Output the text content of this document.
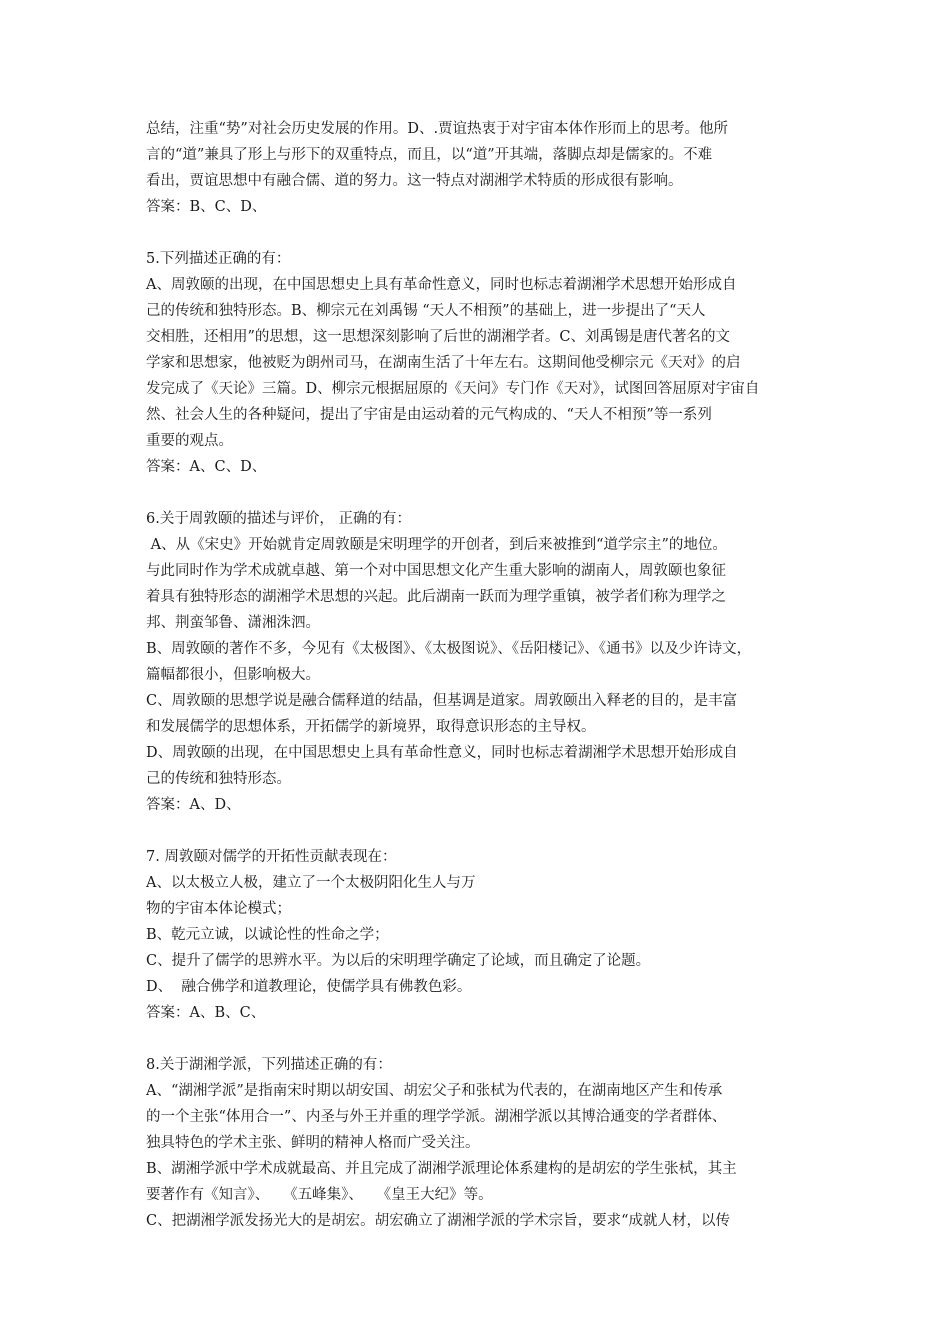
总结，注重“势”对社会历史发展的作用。D、.贾谊热衷于对宇宙本体作形而上的思考。他所
言的“道”兼具了形上与形下的双重特点，而且，以“道”开其端，落脚点却是儒家的。不难
看出，贾谊思想中有融合儒、道的努力。这一特点对湖湘学术特质的形成很有影响。
答案：B、C、D、
5.下列描述正确的有：
A、周敦颐的出现，在中国思想史上具有革命性意义，同时也标志着湖湘学术思想开始形成自
己的传统和独特形态。B、柳宗元在刘禹锡 “天人不相预”的基础上，进一步提出了“天人
交相胜，还相用”的思想，这一思想深刻影响了后世的湖湘学者。C、刘禹锡是唐代著名的文
学家和思想家，他被贬为朗州司马，在湖南生活了十年左右。这期间他受柳宗元《天对》的启
发完成了《天论》三篇。D、柳宗元根据屈原的《天问》专门作《天对》，试图回答屈原对宇宙自
然、社会人生的各种疑问，提出了宇宙是由运动着的元气构成的、“天人不相预”等一系列
重要的观点。
答案：A、C、D、
6.关于周敦颐的描述与评价， 正确的有：
A、从《宋史》开始就肯定周敦颐是宋明理学的开创者，到后来被推到“道学宗主”的地位。
与此同时作为学术成就卓越、第一个对中国思想文化产生重大影响的湖南人，周敦颐也象征
着具有独特形态的湖湘学术思想的兴起。此后湖南一跃而为理学重镇，被学者们称为理学之
邦、荆蛮邹鲁、潇湘洙泗。
B、周敦颐的著作不多，今见有《太极图》、《太极图说》、《岳阳楼记》、《通书》以及少许诗文，
篇幅都很小，但影响极大。
C、周敦颐的思想学说是融合儒释道的结晶，但基调是道家。周敦颐出入释老的目的，是丰富
和发展儒学的思想体系，开拓儒学的新境界，取得意识形态的主导权。
D、周敦颐的出现，在中国思想史上具有革命性意义，同时也标志着湖湘学术思想开始形成自
己的传统和独特形态。
答案：A、D、
7. 周敦颐对儒学的开拓性贡献表现在：
A、以太极立人极，建立了一个太极阴阳化生人与万
物的宇宙本体论模式；
B、乾元立诚，以诚论性的性命之学；
C、提升了儒学的思辨水平。为以后的宋明理学确定了论域，而且确定了论题。
D、  融合佛学和道教理论，使儒学具有佛教色彩。
答案：A、B、C、
8.关于湖湘学派，下列描述正确的有：
A、“湖湘学派”是指南宋时期以胡安国、胡宏父子和张栻为代表的，在湖南地区产生和传承
的一个主张“体用合一”、内圣与外王并重的理学学派。湖湘学派以其博洽通变的学者群体、
独具特色的学术主张、鲜明的精神人格而广受关注。
B、湖湘学派中学术成就最高、并且完成了湖湘学派理论体系建构的是胡宏的学生张栻，其主
要著作有《知言》、   《五峰集》、   《皇王大纪》等。
C、把湖湘学派发扬光大的是胡宏。胡宏确立了湖湘学派的学术宗旨，要求“成就人材，以传
